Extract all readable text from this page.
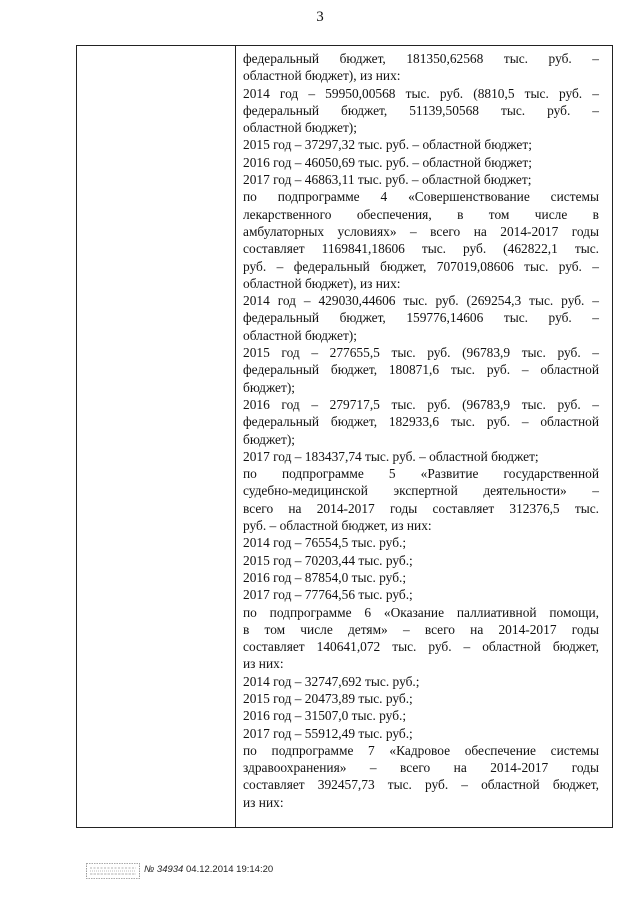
3
федеральный бюджет, 181350,62568 тыс. руб. –
областной бюджет), из них:
2014 год – 59950,00568 тыс. руб. (8810,5 тыс. руб. –
федеральный бюджет, 51139,50568 тыс. руб. –
областной бюджет);
2015 год – 37297,32 тыс. руб. – областной бюджет;
2016 год – 46050,69 тыс. руб. – областной бюджет;
2017 год – 46863,11 тыс. руб. – областной бюджет;
по подпрограмме 4 «Совершенствование системы
лекарственного обеспечения, в том числе в
амбулаторных условиях» – всего на 2014-2017 годы
составляет 1169841,18606 тыс. руб. (462822,1 тыс.
руб. – федеральный бюджет, 707019,08606 тыс. руб. –
областной бюджет), из них:
2014 год – 429030,44606 тыс. руб. (269254,3 тыс. руб. –
федеральный бюджет, 159776,14606 тыс. руб. –
областной бюджет);
2015 год – 277655,5 тыс. руб. (96783,9 тыс. руб. –
федеральный бюджет, 180871,6 тыс. руб. – областной
бюджет);
2016 год – 279717,5 тыс. руб. (96783,9 тыс. руб. –
федеральный бюджет, 182933,6 тыс. руб. – областной
бюджет);
2017 год – 183437,74 тыс. руб. – областной бюджет;
по подпрограмме 5 «Развитие государственной
судебно-медицинской экспертной деятельности» –
всего на 2014-2017 годы составляет 312376,5 тыс.
руб. – областной бюджет, из них:
2014 год – 76554,5 тыс. руб.;
2015 год – 70203,44 тыс. руб.;
2016 год – 87854,0 тыс. руб.;
2017 год – 77764,56 тыс. руб.;
по подпрограмме 6 «Оказание паллиативной помощи,
в том числе детям» – всего на 2014-2017 годы
составляет 140641,072 тыс. руб. – областной бюджет,
из них:
2014 год – 32747,692 тыс. руб.;
2015 год – 20473,89 тыс. руб.;
2016 год – 31507,0 тыс. руб.;
2017 год – 55912,49 тыс. руб.;
по подпрограмме 7 «Кадровое обеспечение системы
здравоохранения» – всего на 2014-2017 годы
составляет 392457,73 тыс. руб. – областной бюджет,
из них:
№ 34934 04.12.2014 19:14:20
